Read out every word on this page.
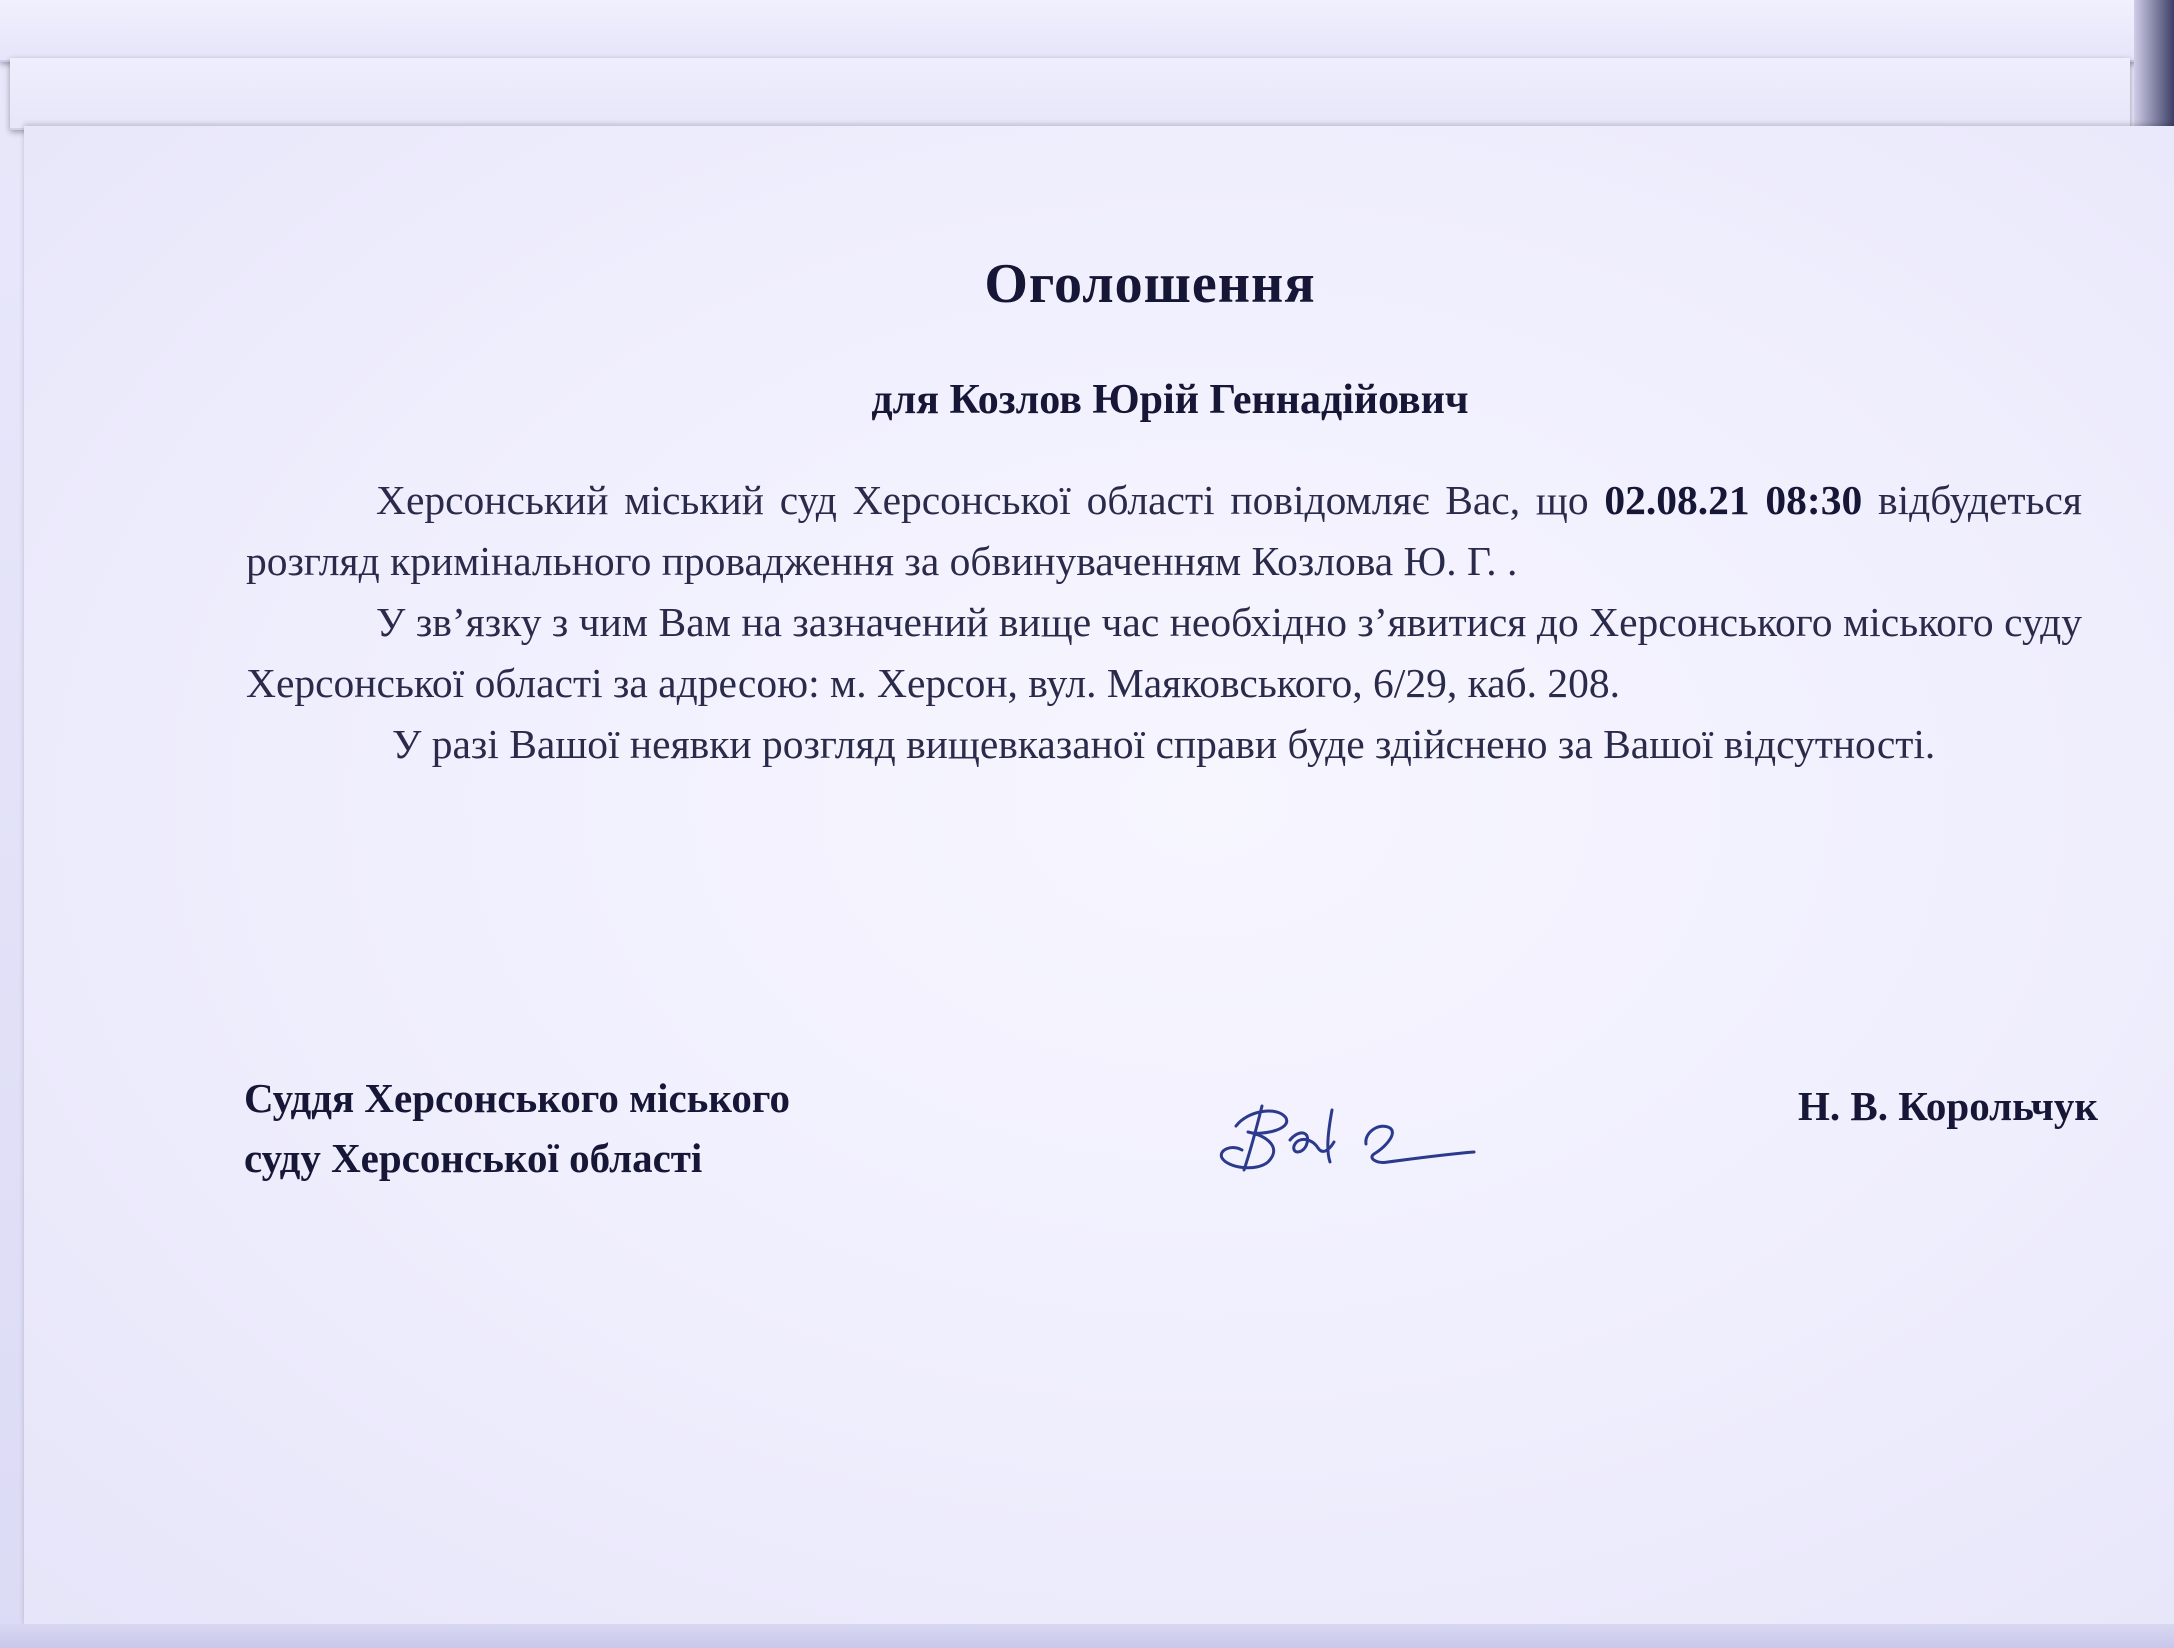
Оголошення
для Козлов Юрій Геннадійович

Херсонський міський суд Херсонської області повідомляє Вас, що 02.08.21 08:30 відбудеться розгляд кримінального провадження за обвинуваченням Козлова Ю. Г. .

У зв’язку з чим Вам на зазначений вище час необхідно з’явитися до Херсонського міського суду Херсонської області за адресою: м. Херсон, вул. Маяковського, 6/29, каб. 208.

У разі Вашої неявки розгляд вищевказаної справи буде здійснено за Вашої відсутності.

Суддя Херсонського міського
суду Херсонської області
Н. В. Корольчук
